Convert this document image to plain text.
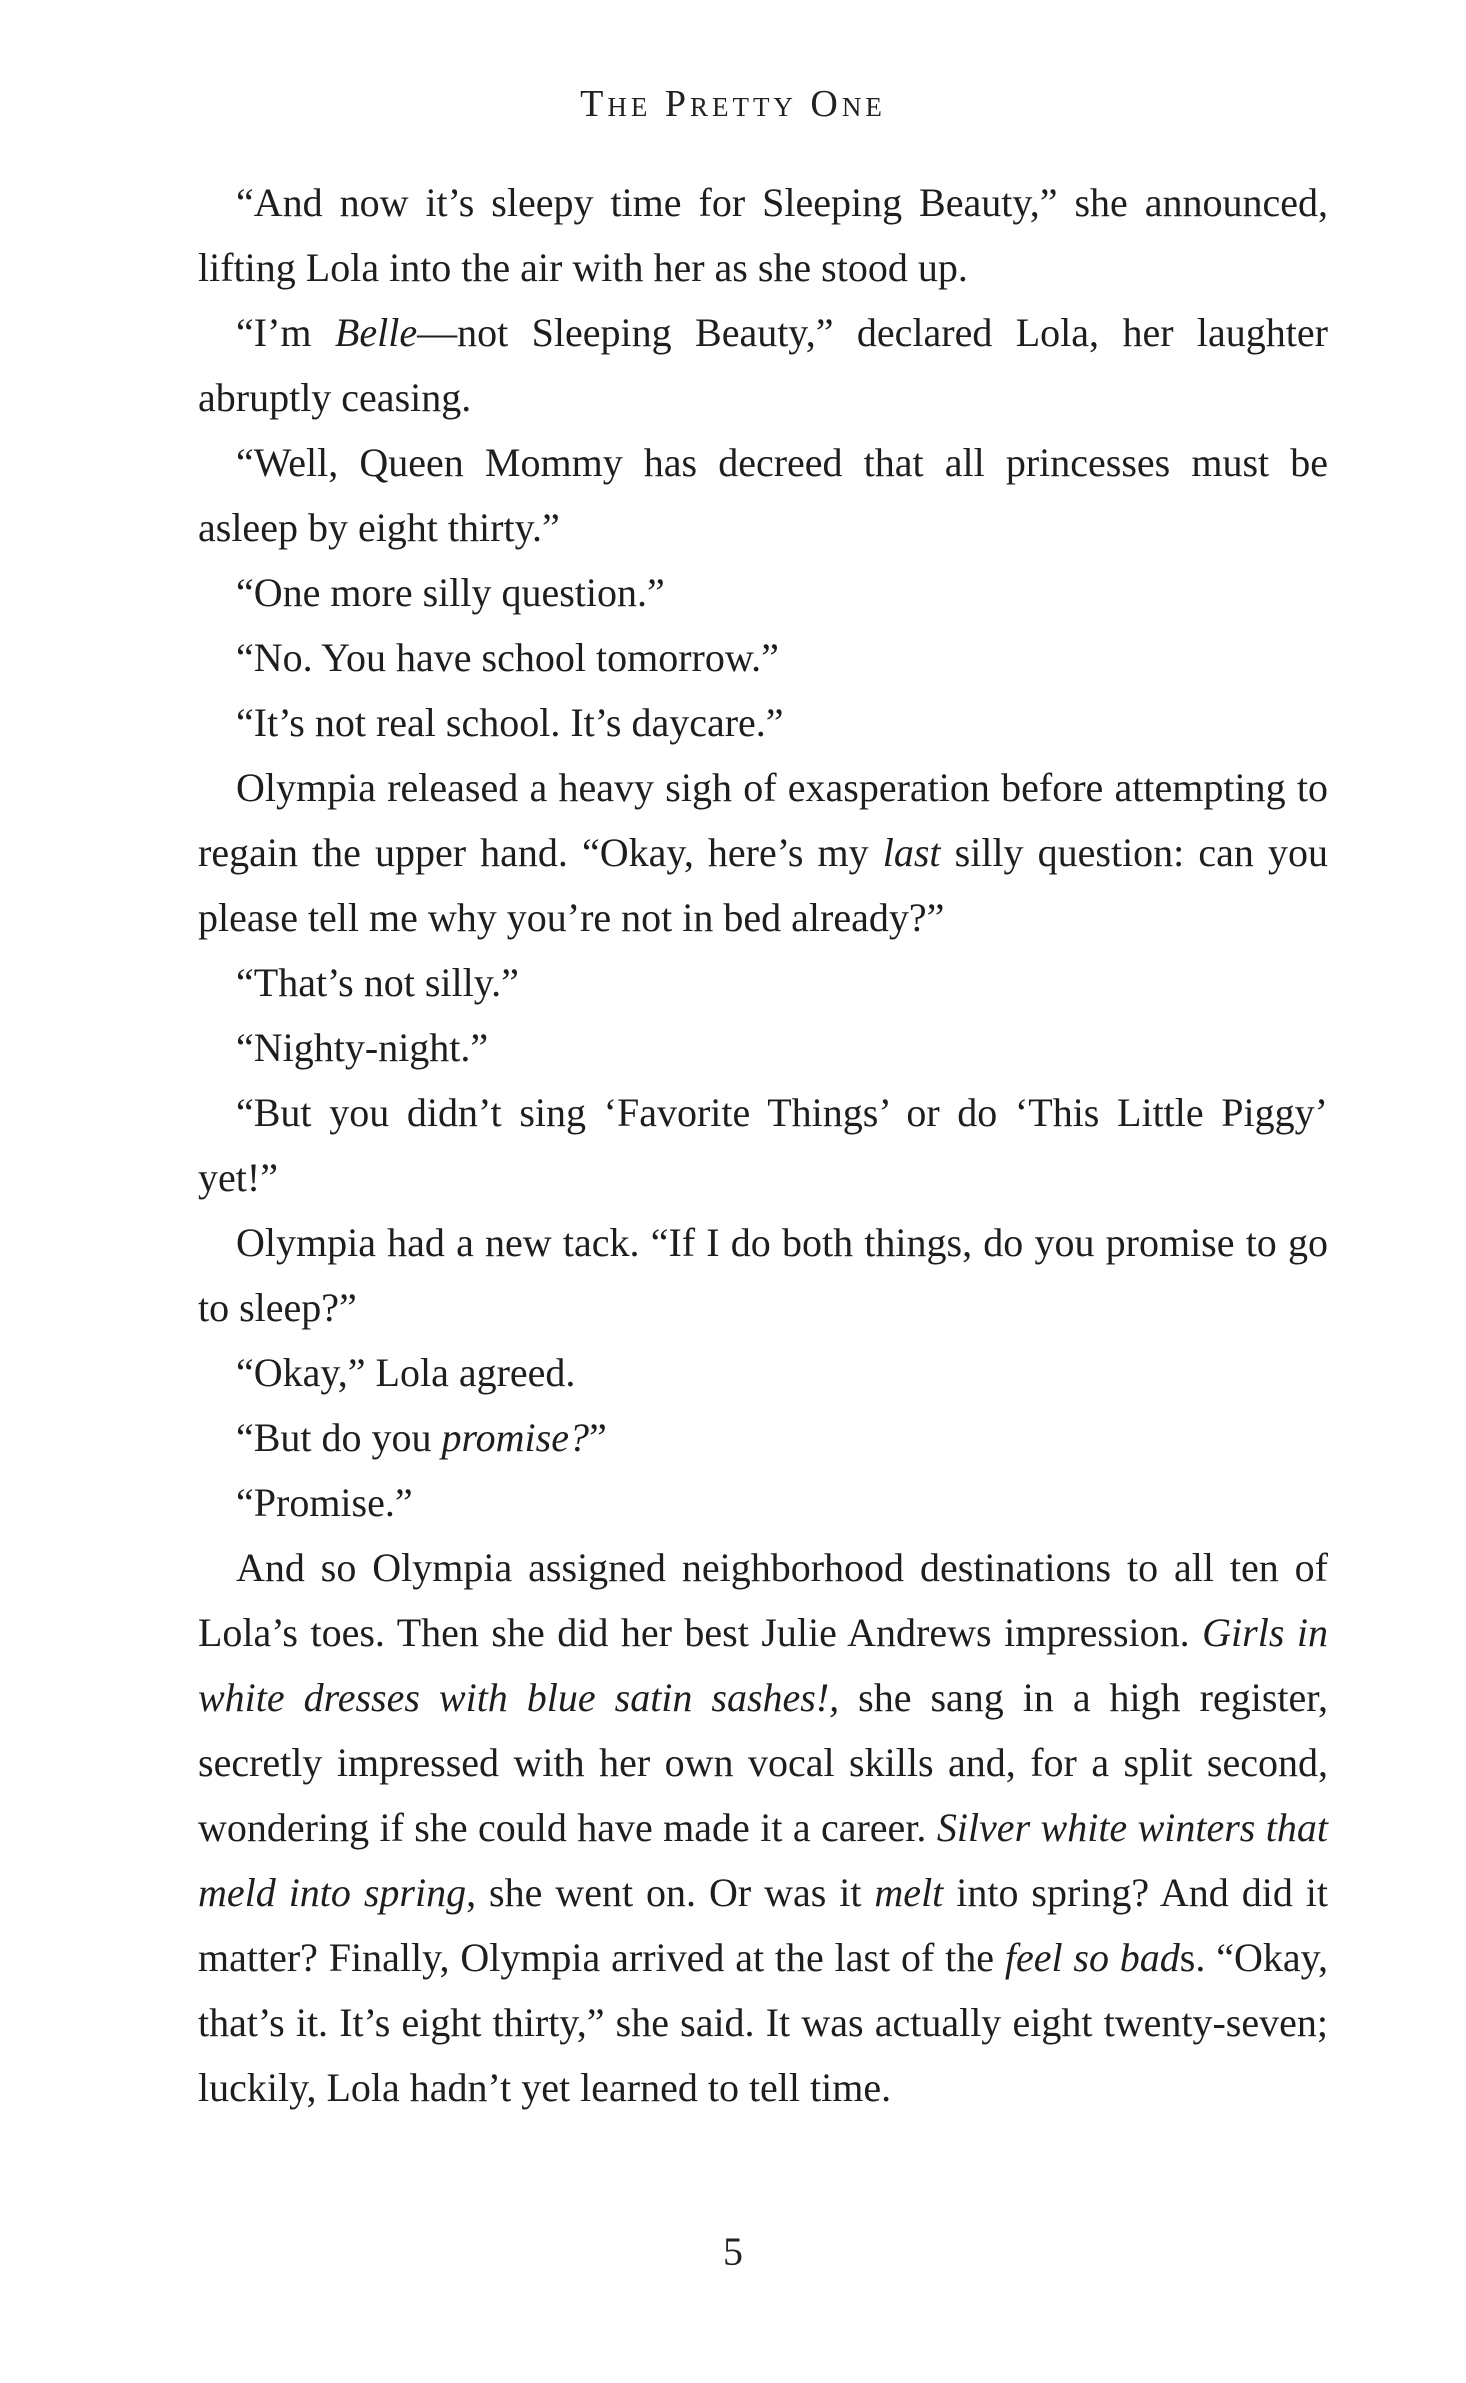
The Pretty One

“And now it’s sleepy time for Sleeping Beauty,” she announced, lifting Lola into the air with her as she stood up.

“I’m Belle—not Sleeping Beauty,” declared Lola, her laughter abruptly ceasing.

“Well, Queen Mommy has decreed that all princesses must be asleep by eight thirty.”

“One more silly question.”

“No. You have school tomorrow.”

“It’s not real school. It’s daycare.”

Olympia released a heavy sigh of exasperation before attempting to regain the upper hand. “Okay, here’s my last silly question: can you please tell me why you’re not in bed already?”

“That’s not silly.”

“Nighty-night.”

“But you didn’t sing ‘Favorite Things’ or do ‘This Little Piggy’ yet!”

Olympia had a new tack. “If I do both things, do you promise to go to sleep?”

“Okay,” Lola agreed.

“But do you promise?”

“Promise.”

And so Olympia assigned neighborhood destinations to all ten of Lola’s toes. Then she did her best Julie Andrews impression. Girls in white dresses with blue satin sashes!, she sang in a high register, secretly impressed with her own vocal skills and, for a split second, wondering if she could have made it a career. Silver white winters that meld into spring, she went on. Or was it melt into spring? And did it matter? Finally, Olympia arrived at the last of the feel so bads. “Okay, that’s it. It’s eight thirty,” she said. It was actually eight twenty-seven; luckily, Lola hadn’t yet learned to tell time.

5
